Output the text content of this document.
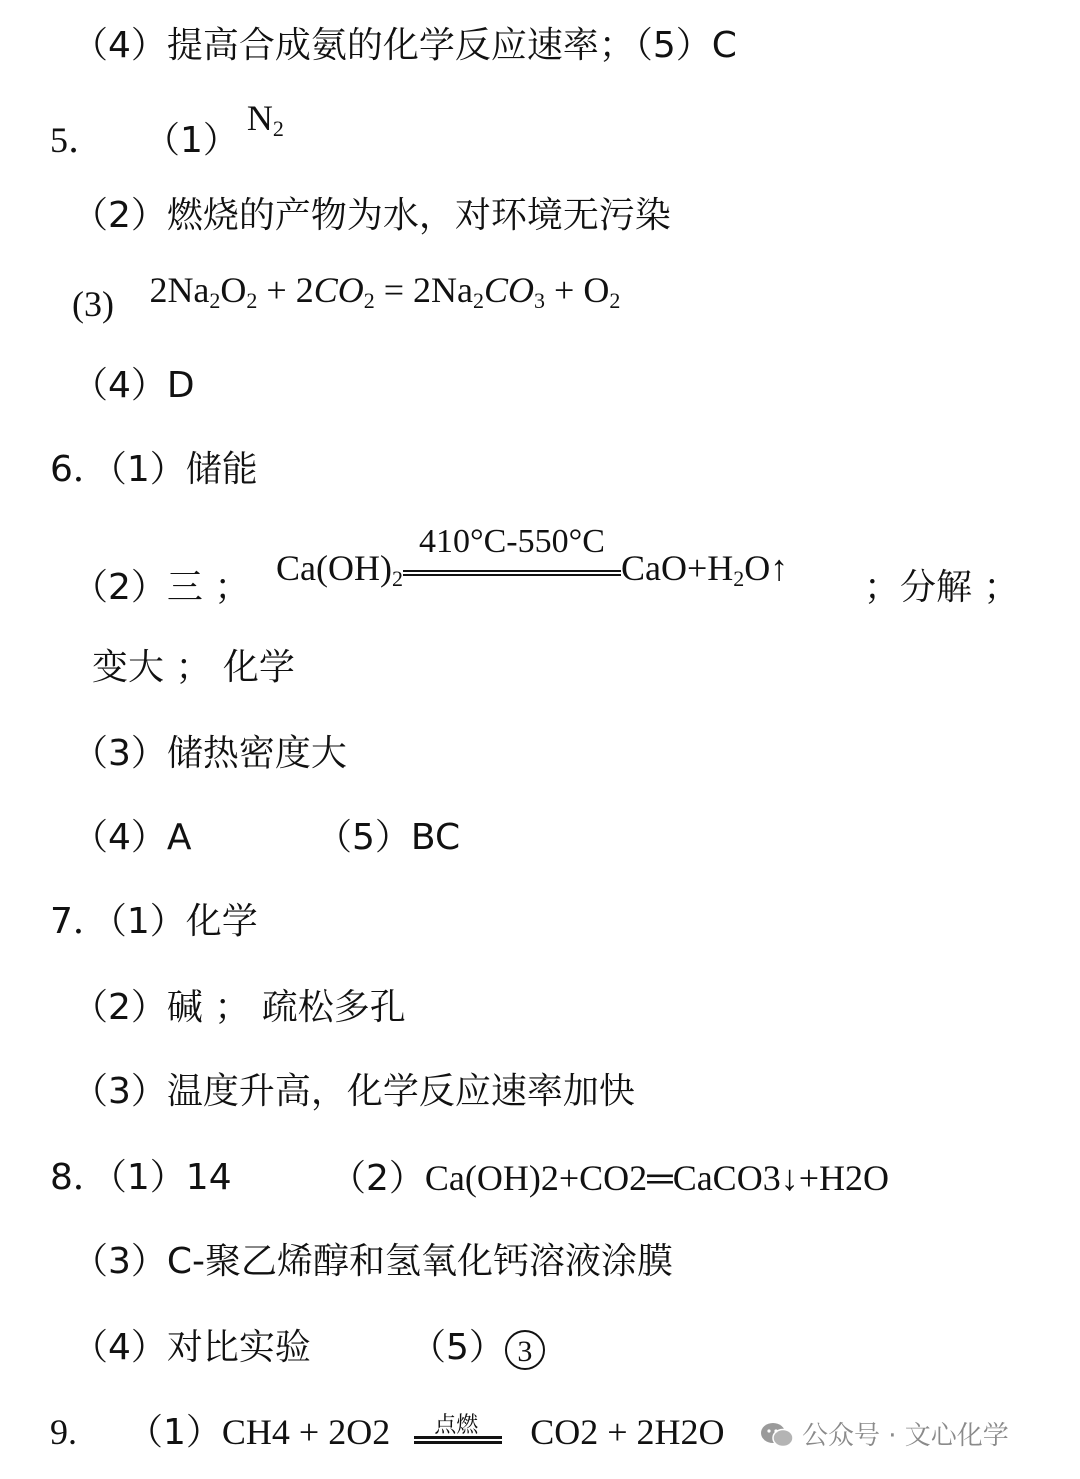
（4）提高合成氨的化学反应速率；（5）C
5． $(1)N_2$
（2）燃烧的产物为水，对环境无污染
(3) $2Na_2O_2 + 2CO_2 = 2Na_2CO_3 + O_2$
（4）D
6．（1）储能
（2）三 ； $Ca(OH)_2$
410°C-550°C
$CaO+H_2O↑$ ；分解 ；
变大 ； 化学
（3）储热密度大
（4）A	（5）BC
7．（1）化学
（2）碱 ； 疏松多孔
（3）温度升高，化学反应速率加快
8．（1）14	（2）Ca(OH)2+CO2═CaCO3↓+H2O
（3）C-聚乙烯醇和氢氧化钙溶液涂膜
（4）对比实验	（5） 3
9. （1）CH4 + 2O2 点燃 CO2 + 2H2O	公众号 · 文心化学
